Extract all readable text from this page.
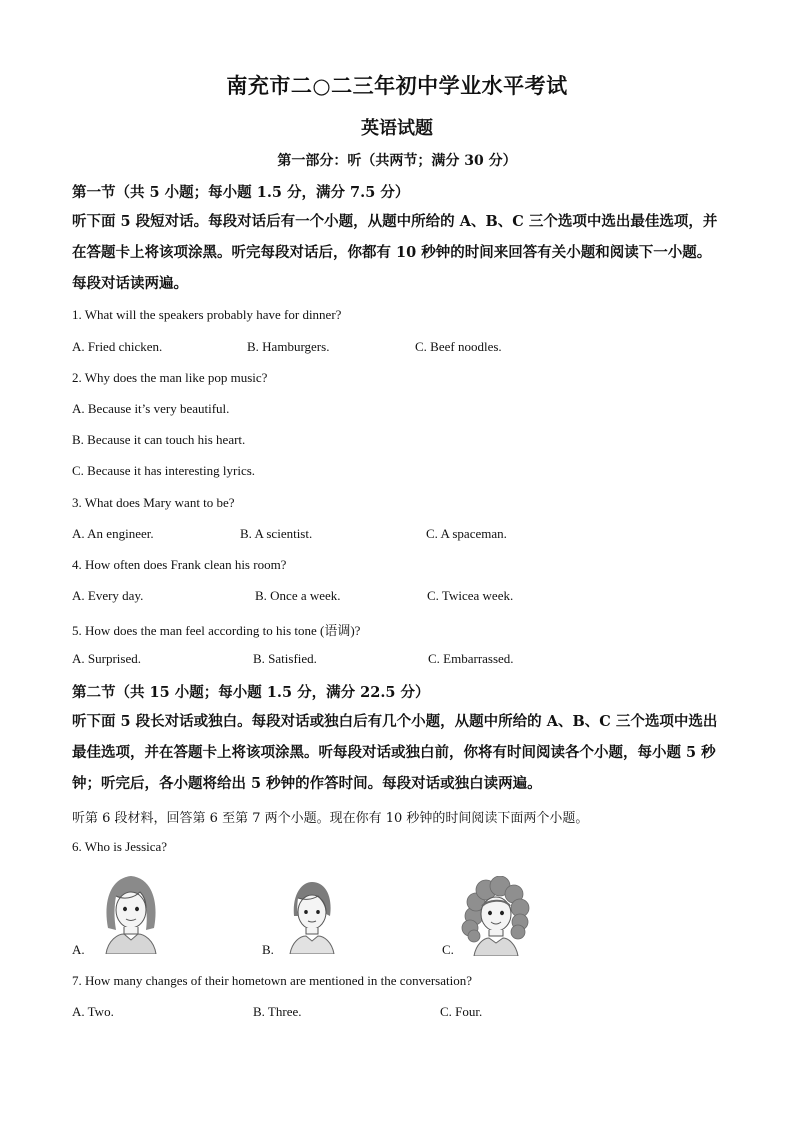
南充市二○二三年初中学业水平考试
英语试题
第一部分：听（共两节；满分 30 分）
第一节（共 5 小题；每小题 1.5 分，满分 7.5 分）
听下面 5 段短对话。每段对话后有一个小题，从题中所给的 A、B、C 三个选项中选出最佳选项，并在答题卡上将该项涂黑。听完每段对话后，你都有 10 秒钟的时间来回答有关小题和阅读下一小题。每段对话读两遍。
1. What will the speakers probably have for dinner?
A. Fried chicken.	B. Hamburgers.	C. Beef noodles.
2. Why does the man like pop music?
A. Because it’s very beautiful.
B. Because it can touch his heart.
C. Because it has interesting lyrics.
3. What does Mary want to be?
A. An engineer.	B. A scientist.	C. A spaceman.
4. How often does Frank clean his room?
A. Every day.	B. Once a week.	C. Twicea week.
5. How does the man feel according to his tone (语调)?
A. Surprised.	B. Satisfied.	C. Embarrassed.
第二节（共 15 小题；每小题 1.5 分，满分 22.5 分）
听下面 5 段长对话或独白。每段对话或独白后有几个小题，从题中所给的 A、B、C 三个选项中选出最佳选项，并在答题卡上将该项涂黑。听每段对话或独白前，你将有时间阅读各个小题，每小题 5 秒钟；听完后，各小题将给出 5 秒钟的作答时间。每段对话或独白读两遍。
听第 6 段材料，回答第 6 至第 7 两个小题。现在你有 10 秒钟的时间阅读下面两个小题。
6. Who is Jessica?
A.	B.	C.
7. How many changes of their hometown are mentioned in the conversation?
A. Two.	B. Three.	C. Four.
